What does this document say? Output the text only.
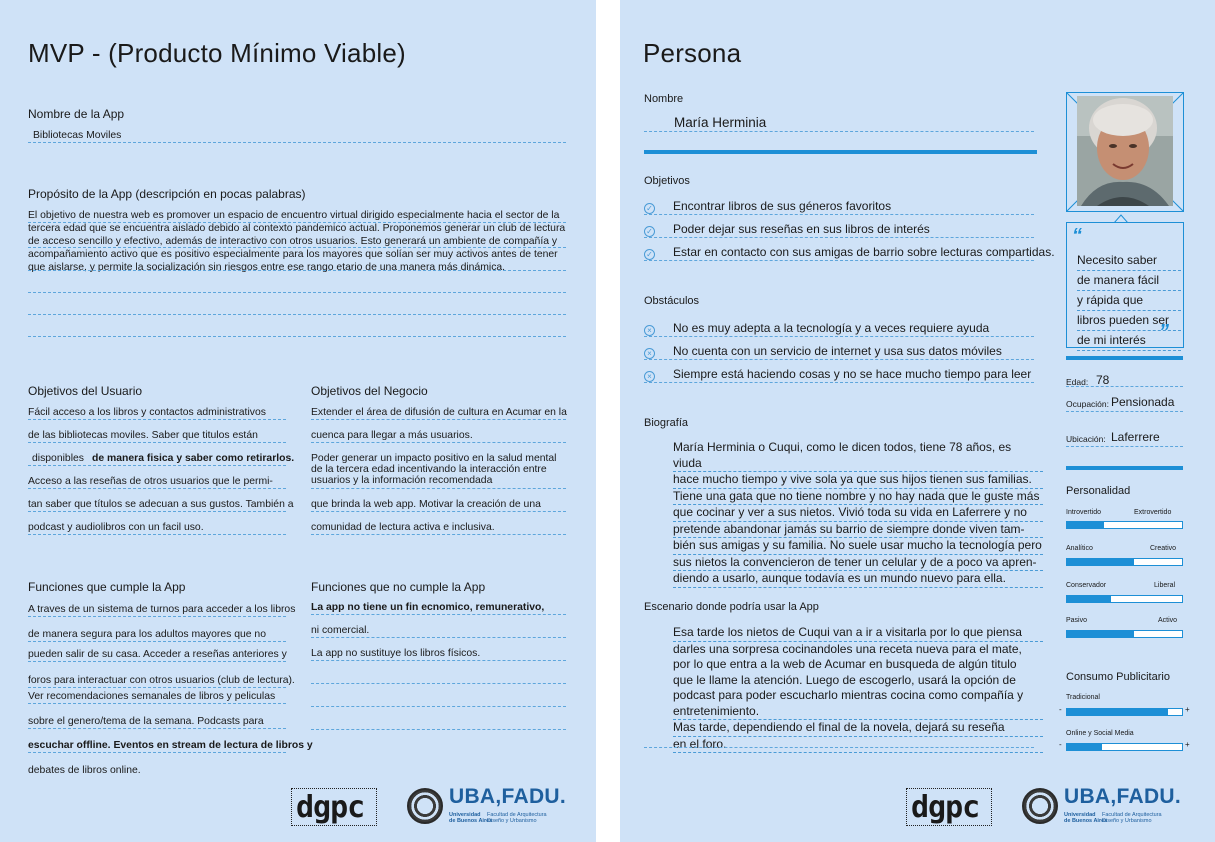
MVP - (Producto Mínimo Viable)
Nombre de la App
Bibliotecas Moviles
Propósito de la App (descripción en pocas palabras)
El objetivo de nuestra web es promover un espacio de encuentro virtual dirigido especialmente hacia el sector de la
tercera edad que se encuentra aislado debido al contexto pandemico actual. Proponemos generar un club de lectura
de acceso sencillo y efectivo, además de interactivo con otros usuarios. Esto generará un ambiente de compañía y
acompañamiento activo que es positivo especialmente para los mayores que solían ser muy activos antes de tener
que aislarse, y permite la socialización sin riesgos entre ese rango etario de una manera más dinámica.
Objetivos del Usuario
Fácil acceso a los libros y contactos administrativos
de las bibliotecas moviles. Saber que titulos están
disponibles de manera fisica y saber como retirarlos.
Acceso a las reseñas de otros usuarios que le permi-
tan saber que títulos se adecuan a sus gustos. También a
podcast y audiolibros con un facil uso.
Objetivos del Negocio
Extender el área de difusión de cultura en Acumar en la
cuenca para llegar a más usuarios.
Poder generar un impacto positivo en la salud mental
de la tercera edad incentivando la interacción entre
usuarios y la información recomendada
que brinda la web app. Motivar la creación de una
comunidad de lectura activa e inclusiva.
Funciones que cumple la App
A traves de un sistema de turnos para acceder a los libros
de manera segura para los adultos mayores que no
pueden salir de su casa. Acceder a reseñas anteriores y
foros para interactuar con otros usuarios (club de lectura).
Ver recomendaciones semanales de libros y peliculas
sobre el genero/tema de la semana. Podcasts para
escuchar offline. Eventos en stream de lectura de libros y
debates de libros online.
Funciones que no cumple la App
La app no tiene un fin ecnomico, remunerativo,
ni comercial.
La app no sustituye los libros físicos.
dgpc	UBA,FADU.
Universidad
de Buenos Aires
Facultad de Arquitectura
Diseño y Urbanismo
Persona
Nombre
María Herminia
Objetivos
✓ Encontrar libros de sus géneros favoritos
✓ Poder dejar sus reseñas en sus libros de interés
✓ Estar en contacto con sus amigas de barrio sobre lecturas compartidas.
Obstáculos
× No es muy adepta a la tecnología y a veces requiere ayuda
× No cuenta con un servicio de internet y usa sus datos móviles
× Siempre está haciendo cosas y no se hace mucho tiempo para leer
Biografía
María Herminia o Cuqui, como le dicen todos, tiene 78 años, es viuda
hace mucho tiempo y vive sola ya que sus hijos tienen sus familias.
Tiene una gata que no tiene nombre y no hay nada que le guste más
que cocinar y ver a sus nietos. Vivió toda su vida en Laferrere y no
pretende abandonar jamás su barrio de siempre donde viven tam-
bién sus amigas y su familia. No suele usar mucho la tecnología pero
sus nietos la convencieron de tener un celular y de a poco va apren-
diendo a usarlo, aunque todavía es un mundo nuevo para ella.
Escenario donde podría usar la App
Esa tarde los nietos de Cuqui van a ir a visitarla por lo que piensa
darles una sorpresa cocinandoles una receta nueva para el mate,
por lo que entra a la web de Acumar en busqueda de algún titulo
que le llame la atención. Luego de escogerlo, usará la opción de
podcast para poder escucharlo mientras cocina como compañía y
entretenimiento.
Mas tarde, dependiendo el final de la novela, dejará su reseña
en el foro.
“
Necesito saber
de manera fácil
y rápida que
libros pueden ser
de mi interés ”
Edad: 78
Ocupación: Pensionada
Ubicación: Laferrere
Personalidad
Introvertido	Extrovertido
Analítico	Creativo
Conservador	Liberal
Pasivo	Activo
Consumo Publicitario
Tradicional
-	+
Online y Social Media
-	+
dgpc	UBA,FADU.
Universidad
de Buenos Aires
Facultad de Arquitectura
Diseño y Urbanismo
